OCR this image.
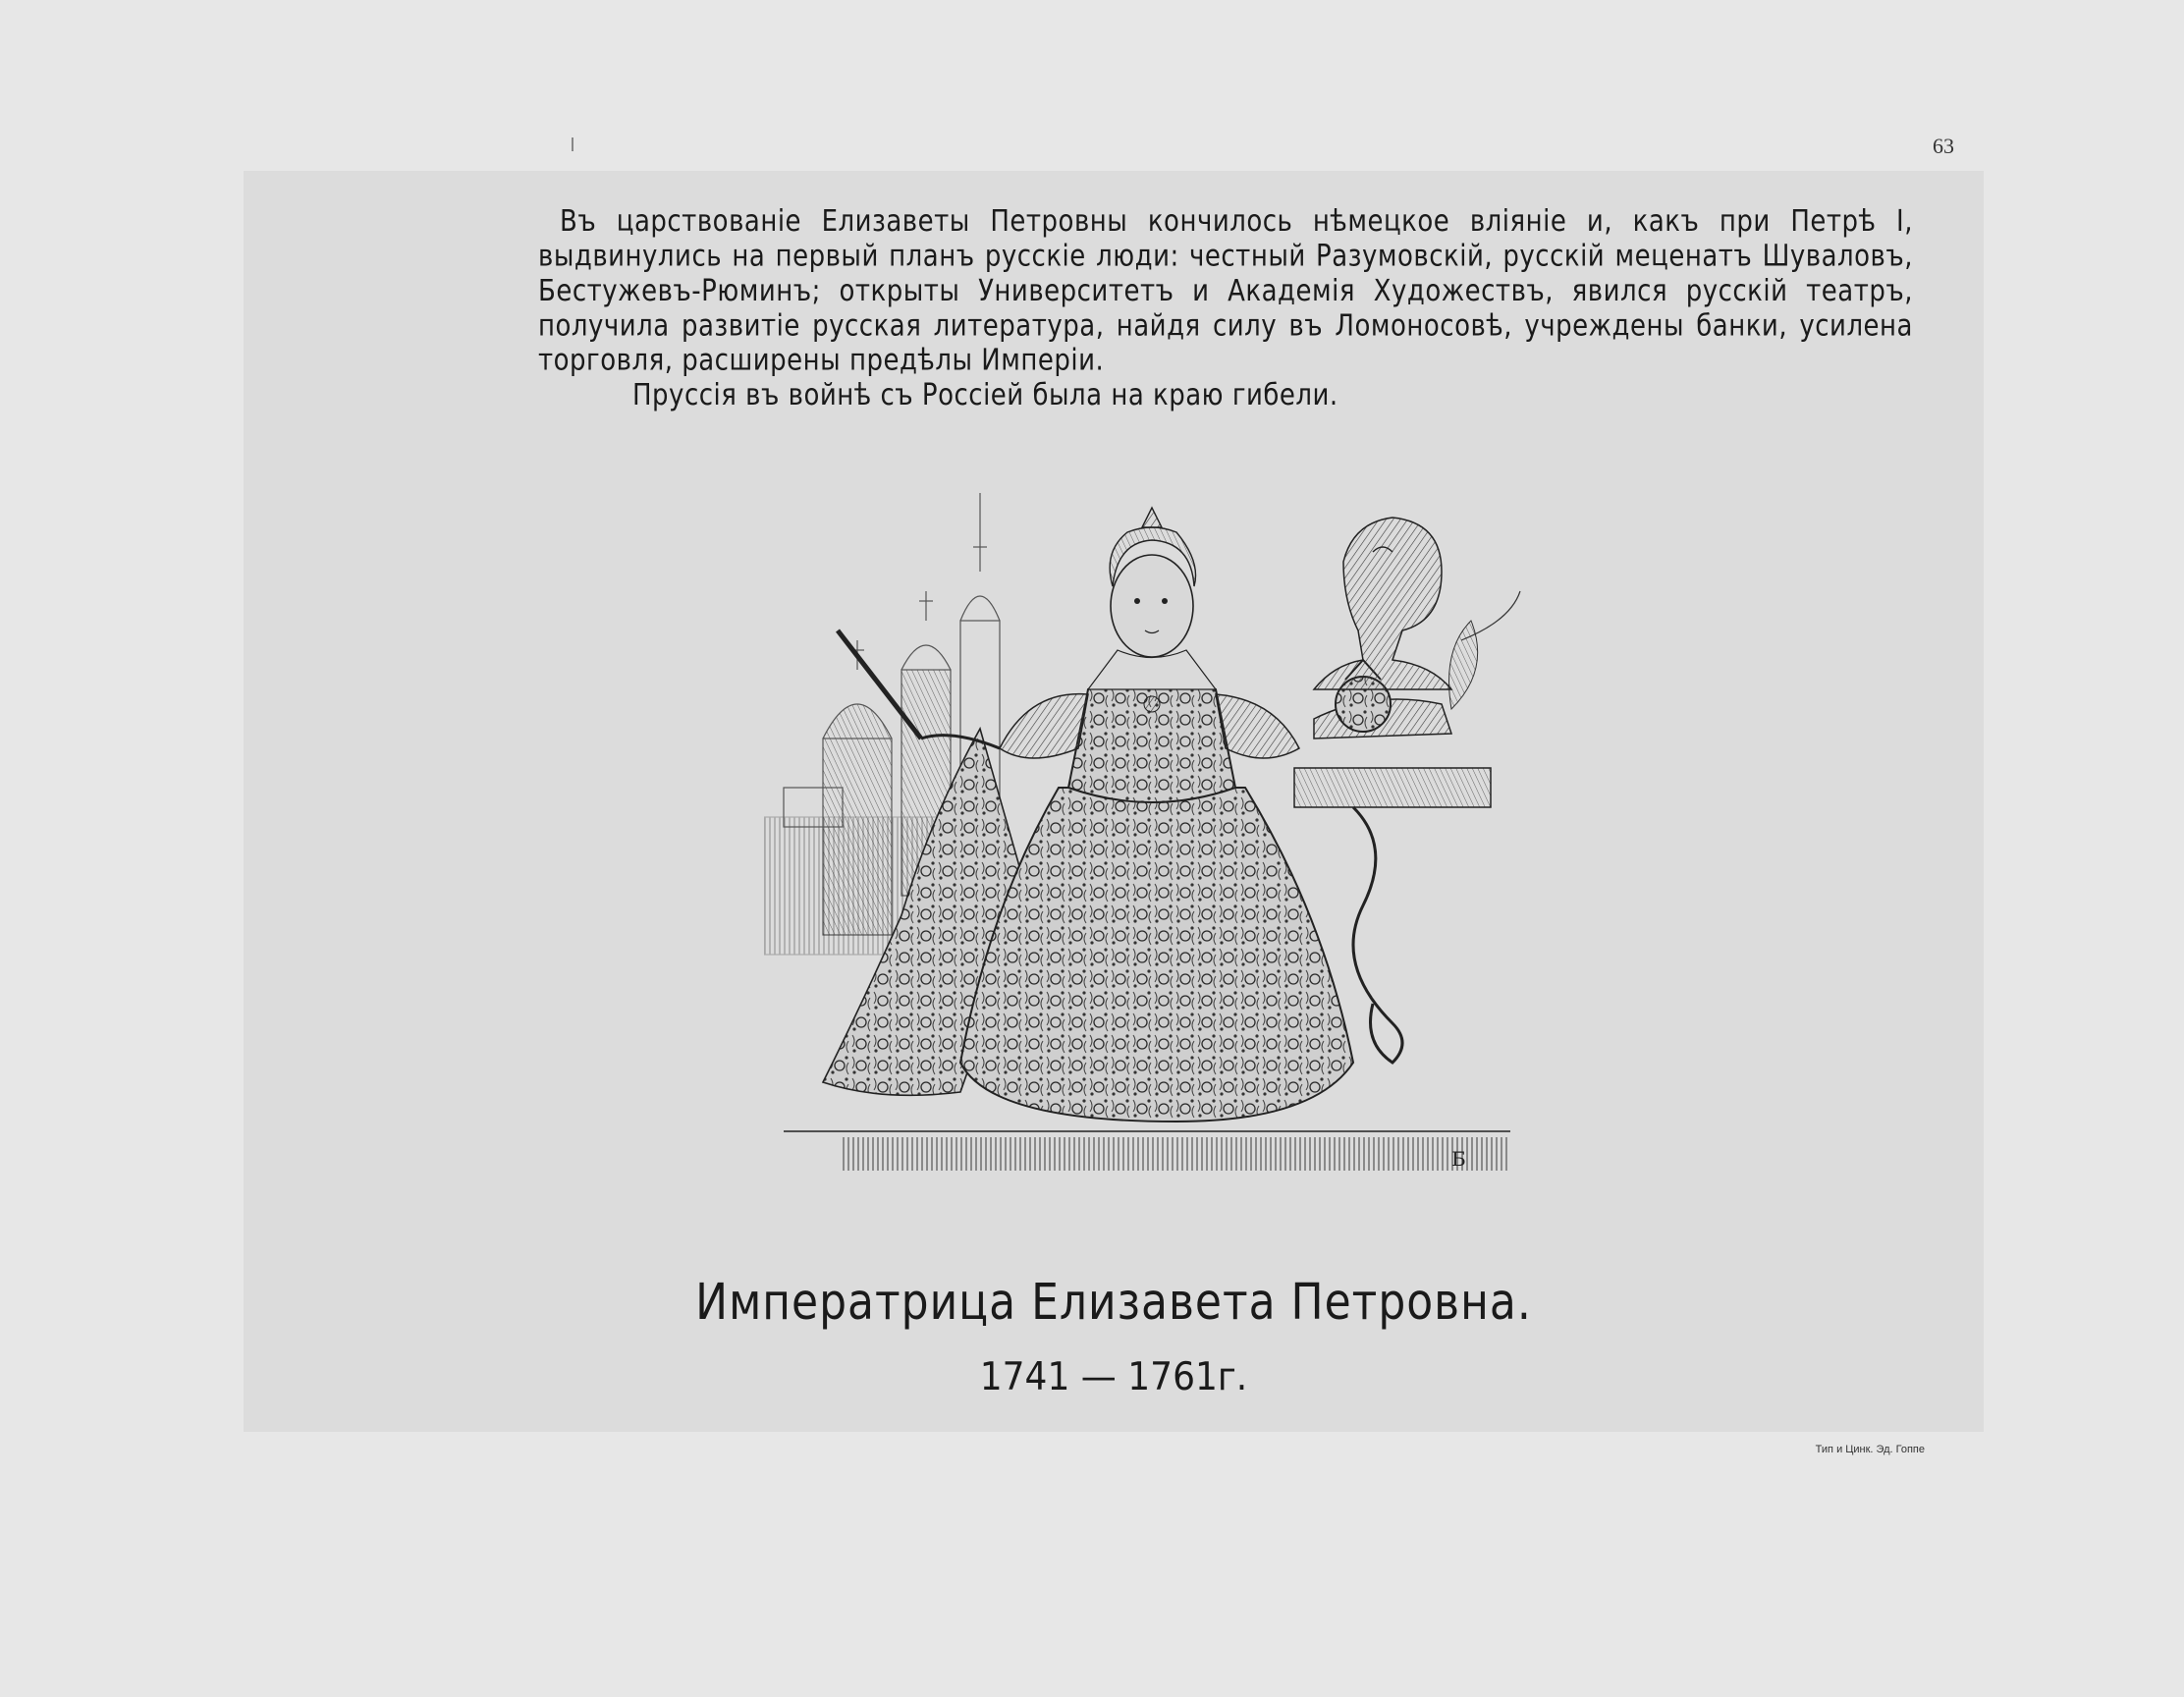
63

Въ царствованіе Елизаветы Петровны кончилось нѣмецкое вліяніе и, какъ при Петрѣ I, выдвинулись на первый планъ русскіе люди: честный Разумовскій, русскій меценатъ Шуваловъ, Бестужевъ-Рюминъ; открыты Университетъ и Академія Художествъ, явился русскій театръ, получила развитіе русская литература, найдя силу въ Ломоносовѣ, учреждены банки, усилена торговля, расширены предѣлы Имперіи.

Пруссія въ войнѣ съ Россіей была на краю гибели.

Б
Императрица Елизавета Петровна.
1741 — 1761г.
Тип и Цинк. Эд. Гоппе
